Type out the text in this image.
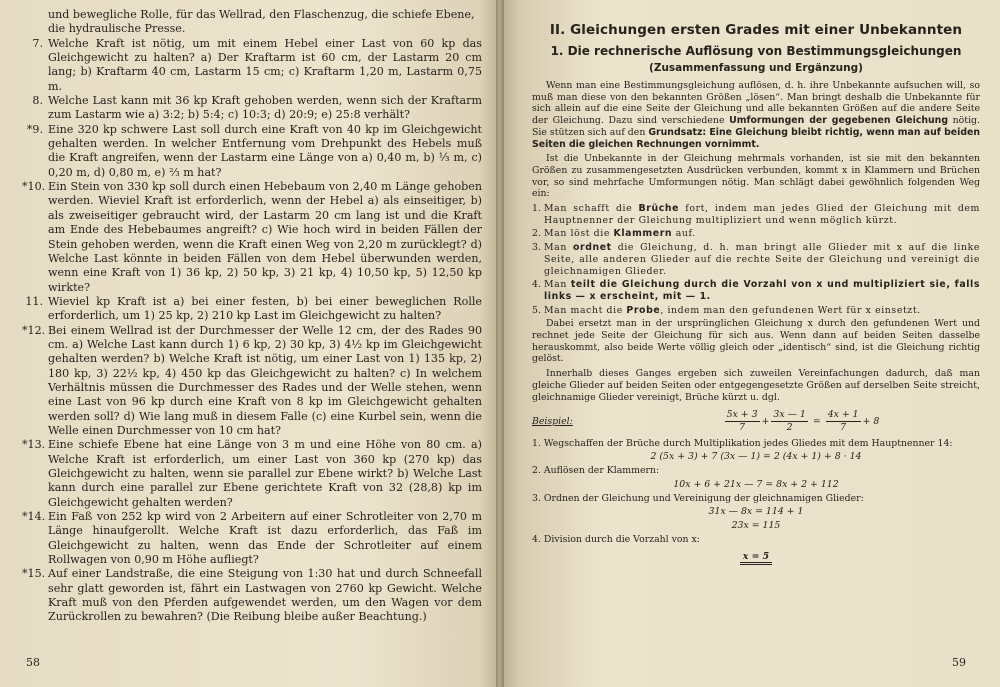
und bewegliche Rolle, für das Wellrad, den Flaschenzug, die schiefe Ebene,
die hydraulische Presse.
7. Welche Kraft ist nötig, um mit einem Hebel einer Last von 60 kp das Gleichgewicht zu halten? a) Der Kraftarm ist 60 cm, der Lastarm 20 cm lang; b) Kraftarm 40 cm, Lastarm 15 cm; c) Kraftarm 1,20 m, Lastarm 0,75 m.
8. Welche Last kann mit 36 kp Kraft gehoben werden, wenn sich der Kraftarm zum Lastarm wie a) 3:2; b) 5:4; c) 10:3; d) 20:9; e) 25:8 verhält?
*9. Eine 320 kp schwere Last soll durch eine Kraft von 40 kp im Gleichgewicht gehalten werden. In welcher Entfernung vom Drehpunkt des Hebels muß die Kraft angreifen, wenn der Lastarm eine Länge von a) 0,40 m, b) ⅓ m, c) 0,20 m, d) 0,80 m, e) ⅔ m hat?
*10. Ein Stein von 330 kp soll durch einen Hebebaum von 2,40 m Länge gehoben werden. Wieviel Kraft ist erforderlich, wenn der Hebel a) als einseitiger, b) als zweiseitiger gebraucht wird, der Lastarm 20 cm lang ist und die Kraft am Ende des Hebebaumes angreift? c) Wie hoch wird in beiden Fällen der Stein gehoben werden, wenn die Kraft einen Weg von 2,20 m zurücklegt? d) Welche Last könnte in beiden Fällen von dem Hebel überwunden werden, wenn eine Kraft von 1) 36 kp, 2) 50 kp, 3) 21 kp, 4) 10,50 kp, 5) 12,50 kp wirkte?
11. Wieviel kp Kraft ist a) bei einer festen, b) bei einer beweglichen Rolle erforderlich, um 1) 25 kp, 2) 210 kp Last im Gleichgewicht zu halten?
*12. Bei einem Wellrad ist der Durchmesser der Welle 12 cm, der des Rades 90 cm. a) Welche Last kann durch 1) 6 kp, 2) 30 kp, 3) 4½ kp im Gleichgewicht gehalten werden? b) Welche Kraft ist nötig, um einer Last von 1) 135 kp, 2) 180 kp, 3) 22½ kp, 4) 450 kp das Gleichgewicht zu halten? c) In welchem Verhältnis müssen die Durchmesser des Rades und der Welle stehen, wenn eine Last von 96 kp durch eine Kraft von 8 kp im Gleichgewicht gehalten werden soll? d) Wie lang muß in diesem Falle (c) eine Kurbel sein, wenn die Welle einen Durchmesser von 10 cm hat?
*13. Eine schiefe Ebene hat eine Länge von 3 m und eine Höhe von 80 cm. a) Welche Kraft ist erforderlich, um einer Last von 360 kp (270 kp) das Gleichgewicht zu halten, wenn sie parallel zur Ebene wirkt? b) Welche Last kann durch eine parallel zur Ebene gerichtete Kraft von 32 (28,8) kp im Gleichgewicht gehalten werden?
*14. Ein Faß von 252 kp wird von 2 Arbeitern auf einer Schrotleiter von 2,70 m Länge hinaufgerollt. Welche Kraft ist dazu erforderlich, das Faß im Gleichgewicht zu halten, wenn das Ende der Schrotleiter auf einem Rollwagen von 0,90 m Höhe aufliegt?
*15. Auf einer Landstraße, die eine Steigung von 1:30 hat und durch Schneefall sehr glatt geworden ist, fährt ein Lastwagen von 2760 kp Gewicht. Welche Kraft muß von den Pferden aufgewendet werden, um den Wagen vor dem Zurückrollen zu bewahren? (Die Reibung bleibe außer Beachtung.)
58
II. Gleichungen ersten Grades mit einer Unbekannten
1. Die rechnerische Auflösung von Bestimmungsgleichungen
(Zusammenfassung und Ergänzung)

Wenn man eine Bestimmungsgleichung auflösen, d. h. ihre Unbekannte aufsuchen will, so muß man diese von den bekannten Größen „lösen“. Man bringt deshalb die Unbekannte für sich allein auf die eine Seite der Gleichung und alle bekannten Größen auf die andere Seite der Gleichung. Dazu sind verschiedene Umformungen der gegebenen Gleichung nötig. Sie stützen sich auf den Grundsatz: Eine Gleichung bleibt richtig, wenn man auf beiden Seiten die gleichen Rechnungen vornimmt.

Ist die Unbekannte in der Gleichung mehrmals vorhanden, ist sie mit den bekannten Größen zu zusammengesetzten Ausdrücken verbunden, kommt x in Klammern und Brüchen vor, so sind mehrfache Umformungen nötig. Man schlägt dabei gewöhnlich folgenden Weg ein:

1. Man schafft die Brüche fort, indem man jedes Glied der Gleichung mit dem Hauptnenner der Gleichung multipliziert und wenn möglich kürzt.
2. Man löst die Klammern auf.
3. Man ordnet die Gleichung, d. h. man bringt alle Glieder mit x auf die linke Seite, alle anderen Glieder auf die rechte Seite der Gleichung und vereinigt die gleichnamigen Glieder.
4. Man teilt die Gleichung durch die Vorzahl von x und multipliziert sie, falls links — x erscheint, mit — 1.
5. Man macht die Probe, indem man den gefundenen Wert für x einsetzt.

Dabei ersetzt man in der ursprünglichen Gleichung x durch den gefundenen Wert und rechnet jede Seite der Gleichung für sich aus. Wenn dann auf beiden Seiten dasselbe herauskommt, also beide Werte völlig gleich oder „identisch“ sind, ist die Gleichung richtig gelöst.

Innerhalb dieses Ganges ergeben sich zuweilen Vereinfachungen dadurch, daß man gleiche Glieder auf beiden Seiten oder entgegengesetzte Größen auf derselben Seite streicht, gleichnamige Glieder vereinigt, Brüche kürzt u. dgl.

Beispiel:	$\frac{5x + 3}{7} + \frac{3x — 1}{2} = \frac{4x + 1}{7} + 8$
1. Wegschaffen der Brüche durch Multiplikation jedes Gliedes mit dem Hauptnenner 14:
2 (5x + 3) + 7 (3x — 1) = 2 (4x + 1) + 8 · 14
2. Auflösen der Klammern:
10x + 6 + 21x — 7 = 8x + 2 + 112
3. Ordnen der Gleichung und Vereinigung der gleichnamigen Glieder:
31x — 8x = 114 + 1
23x = 115
4. Division durch die Vorzahl von x:
x = 5
59
